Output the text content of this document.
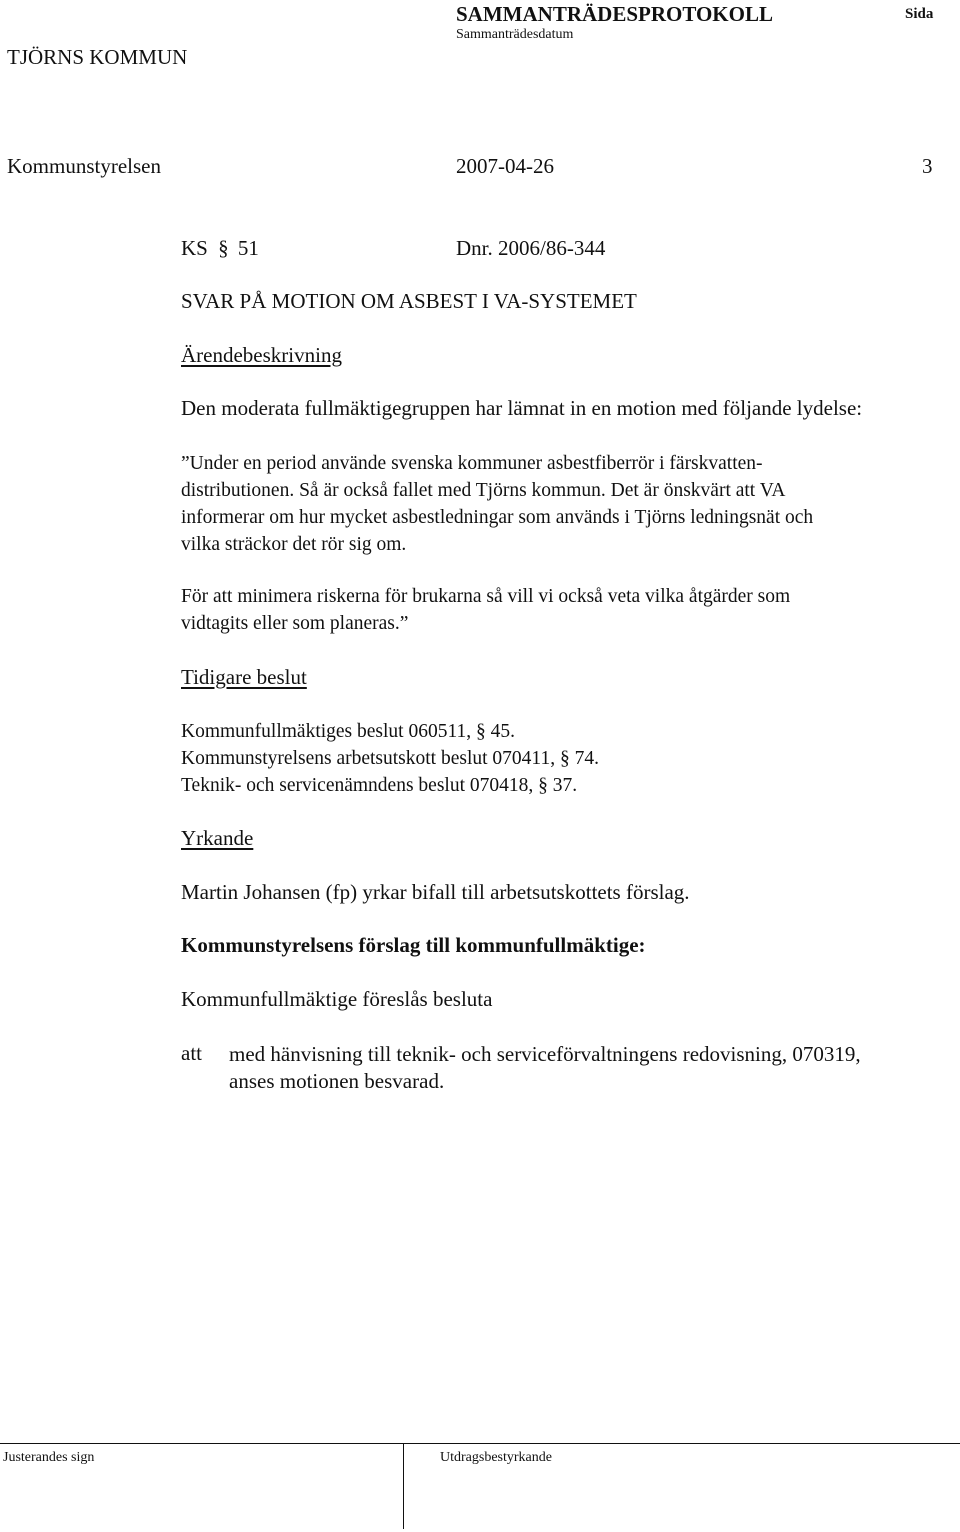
SAMMANTRÄDESPROTOKOLL	Sida
Sammanträdesdatum
TJÖRNS KOMMUN
Kommunstyrelsen	2007-04-26	3
KS § 51	Dnr. 2006/86-344
SVAR PÅ MOTION OM ASBEST I VA-SYSTEMET
Ärendebeskrivning
Den moderata fullmäktigegruppen har lämnat in en motion med följande lydelse:
”Under en period använde svenska kommuner asbestfiberrör i färskvatten-
distributionen. Så är också fallet med Tjörns kommun. Det är önskvärt att VA
informerar om hur mycket asbestledningar som används i Tjörns ledningsnät och
vilka sträckor det rör sig om.
För att minimera riskerna för brukarna så vill vi också veta vilka åtgärder som
vidtagits eller som planeras.”
Tidigare beslut
Kommunfullmäktiges beslut 060511, § 45.
Kommunstyrelsens arbetsutskott beslut 070411, § 74.
Teknik- och servicenämndens beslut 070418, § 37.
Yrkande
Martin Johansen (fp) yrkar bifall till arbetsutskottets förslag.
Kommunstyrelsens förslag till kommunfullmäktige:
Kommunfullmäktige föreslås besluta
att med hänvisning till teknik- och serviceförvaltningens redovisning, 070319,
anses motionen besvarad.
Justerandes sign	Utdragsbestyrkande
